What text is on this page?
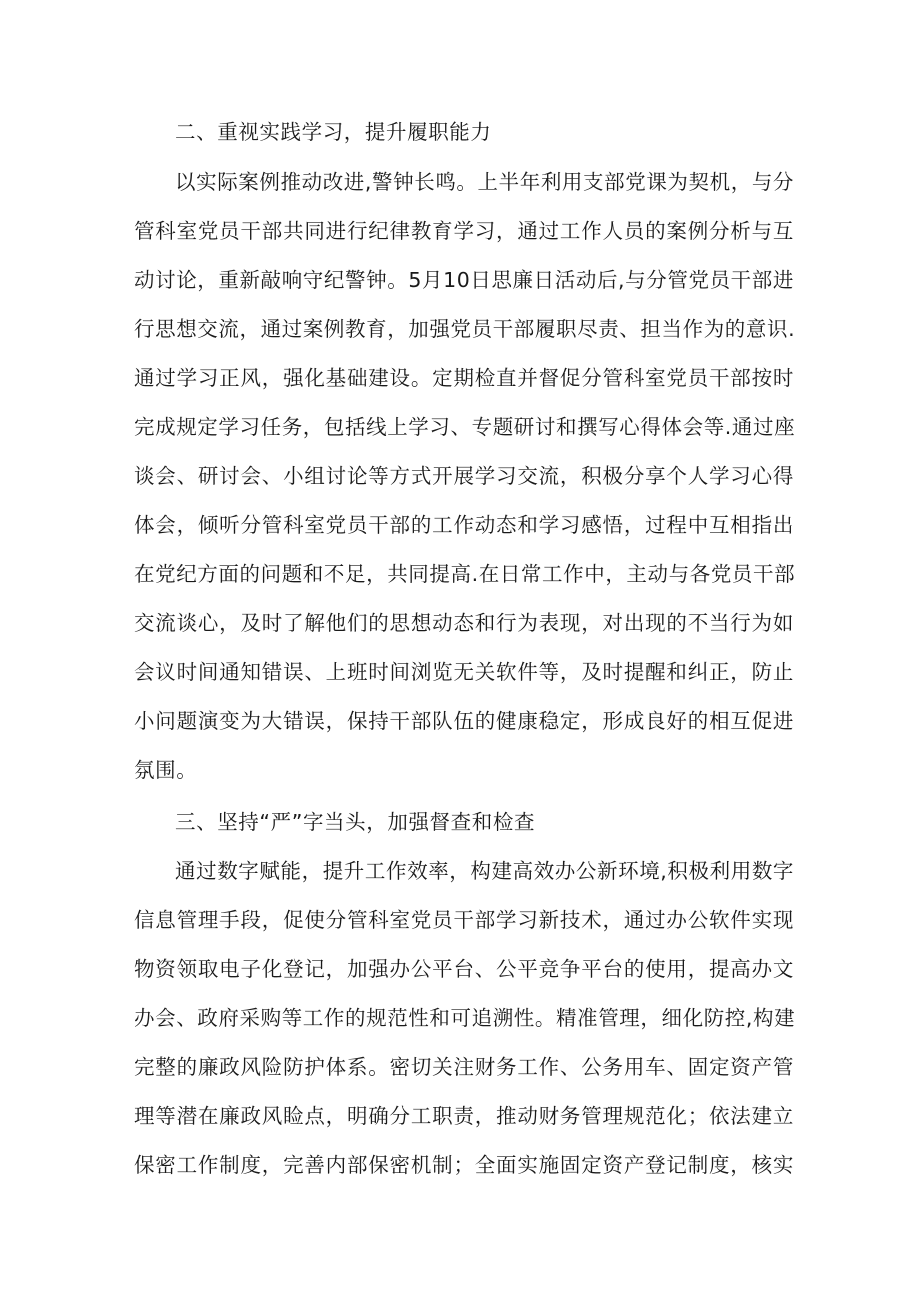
二、重视实践学习，提升履职能力
以实际案例推动改进,警钟长鸣。上半年利用支部党课为契机，与分
管科室党员干部共同进行纪律教育学习，通过工作人员的案例分析与互
动讨论，重新敲响守纪警钟。5月10日思廉日活动后,与分管党员干部进
行思想交流，通过案例教育，加强党员干部履职尽责、担当作为的意识.
通过学习正风，强化基础建设。定期检直并督促分管科室党员干部按时
完成规定学习任务，包括线上学习、专题研讨和撰写心得体会等.通过座
谈会、研讨会、小组讨论等方式开展学习交流，积极分享个人学习心得
体会，倾听分管科室党员干部的工作动态和学习感悟，过程中互相指出
在党纪方面的问题和不足，共同提高.在日常工作中，主动与各党员干部
交流谈心，及时了解他们的思想动态和行为表现，对出现的不当行为如
会议时间通知错误、上班时间浏览无关软件等，及时提醒和纠正，防止
小问题演变为大错误，保持干部队伍的健康稳定，形成良好的相互促进
氛围。
三、坚持“严”字当头，加强督查和检查
通过数字赋能，提升工作效率，构建高效办公新环境,积极利用数字
信息管理手段，促使分管科室党员干部学习新技术，通过办公软件实现
物资领取电子化登记，加强办公平台、公平竞争平台的使用，提高办文
办会、政府采购等工作的规范性和可追溯性。精准管理，细化防控,构建
完整的廉政风险防护体系。密切关注财务工作、公务用车、固定资产管
理等潜在廉政风睑点，明确分工职责，推动财务管理规范化；依法建立
保密工作制度，完善内部保密机制；全面实施固定资产登记制度，核实
